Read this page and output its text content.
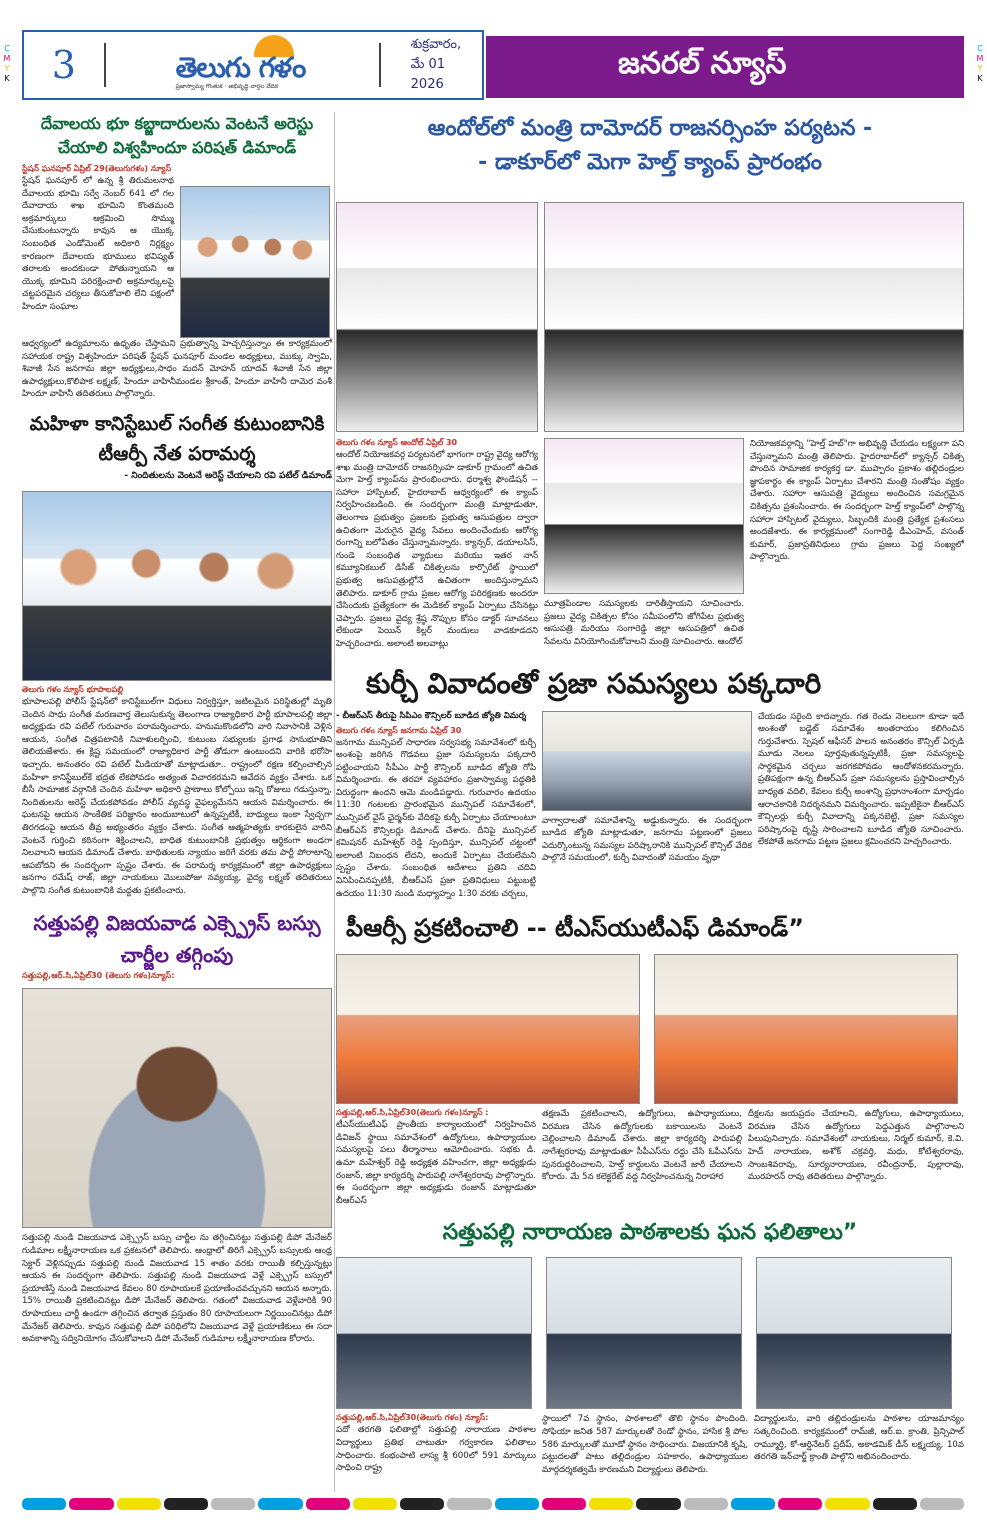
C
M
Y
K
C
M
Y
K
3	తెలుగు గళం
ప్రజాస్వామ్య గొంతుక · అభివృద్ధి వార్తల వేదిక
శుక్రవారం,
మే 01 2026
జనరల్ న్యూస్
దేవాలయ భూ కబ్జాదారులను వెంటనే అరెస్టు చేయాలి విశ్వహిందూ పరిషత్ డిమాండ్
స్టేషన్ ఘనపూర్ ఏప్రిల్ 29(తెలుగుగళం) న్యూస్

స్టేషన్ ఘనపూర్ లో ఉన్న శ్రీ తిరుమలనాథ దేవాలయ భూమి సర్వే నెంబర్ 641 లో గల దేవాదాయ శాఖ భూమిని కొంతమంది అక్రమార్కులు ఆక్రమించి సొమ్ము చేసుకుంటున్నారు కావున ఆ యొక్క సంబంధిత ఎండోమెంట్ అధికారి నిర్లక్ష్యం కారణంగా దేవాలయ భూములు భవిష్యత్ తరాలకు అందకుండా పోతున్నాయని ఆ యొక్క భూమిని పరిరక్షించాలి అక్రమార్కులపై చట్టపరమైన చర్యలు తీసుకోవాలి లేని పక్షంలో హిందూ సంఘాల

ఆధ్వర్యంలో ఉద్యమాలను ఉధృతం చేస్తామని ప్రభుత్వాన్ని హెచ్చరిస్తున్నాం ఈ కార్యక్రమంలో సహాయక రాష్ట్ర విశ్వహిందూ పరిషత్ స్టేషన్ ఘనపూర్ మండల అధ్యక్షులు, ముక్కు స్వామి, శివాజీ సేన జనగామ జిల్లా అధ్యక్షులు,సాధం మదన్ మోహన్ యాదవ్ శివాజీ సేన జిల్లా ఉపాధ్యక్షులు,కొలిపాక లక్ష్మణ్, హిందూ వాహినీమండల శ్రీకాంత్, హిందూ వాహినీ దామెర వంశీ హిందూ వాహినీ తదితరులు పాల్గొన్నారు.

మహిళా కానిస్టేబుల్ సంగీత కుటుంబానికి టీఆర్పీ నేత పరామర్శ
- నిందితులను వెంటనే అరెస్ట్ చేయాలని రవి పటేల్ డిమాండ్
తెలుగు గళం న్యూస్ భూపాలపల్లి

భూపాలపల్లి పోలీస్ స్టేషన్‌లో కానిస్టేబుల్‌గా విధులు నిర్వర్తిస్తూ, జటిలమైన పరిస్థితుల్లో మృతి చెందిన సాధు సంగీత మరణవార్త తెలుసుకున్న తెలంగాణ రాజ్యాధికార పార్టీ భూపాలపల్లి జిల్లా అధ్యక్షుడు రవి పటేల్ గురువారం పరామర్శించారు. హనుమకొండలోని వారి నివాసానికి వెళ్లిన ఆయన, సంగీత చిత్రపటానికి నివాళులర్పించి, కుటుంబ సభ్యులకు ప్రగాఢ సానుభూతిని తెలియజేశారు. ఈ క్లిష్ట సమయంలో రాజ్యాధికార పార్టీ తోడుగా ఉంటుందని వారికి భరోసా ఇచ్చారు. అనంతరం రవి పటేల్ మీడియాతో మాట్లాడుతూ.. రాష్ట్రంలో రక్షణ కల్పించాల్సిన మహిళా కానిస్టేబుల్‌కే భద్రత లేకపోవడం అత్యంత విచారకరమని ఆవేదన వ్యక్తం చేశారు. ఒక బీసీ సామాజిక వర్గానికి చెందిన మహిళా అధికారి ప్రాణాలు కోల్పోయి ఇన్ని రోజులు గడుస్తున్నా, నిందితులను అరెస్ట్ చేయకపోవడం పోలీస్ వ్యవస్థ వైఫల్యమేనని ఆయన విమర్శించారు. ఈ ఘటనపై ఆయన సాంకేతిక పరిజ్ఞానం అందుబాటులో ఉన్నప్పటికీ, బాధ్యులు ఇంకా స్వేచ్ఛగా తిరగడంపై ఆయన తీవ్ర అభ్యంతరం వ్యక్తం చేశారు. సంగీత ఆత్మహత్యకు కారకులైన వారిని వెంటనే గుర్తించి కఠినంగా శిక్షించాలని, బాధిత కుటుంబానికి ప్రభుత్వం ఆర్థికంగా అండగా నిలవాలని ఆయన డిమాండ్ చేశారు. బాధితులకు న్యాయం జరిగే వరకు తమ పార్టీ పోరాటాన్ని ఆపబోదని ఈ సందర్భంగా స్పష్టం చేశారు. ఈ పరామర్శ కార్యక్రమంలో జిల్లా ఉపాధ్యక్షులు జనగాం రమేష్ రాజ్, జిల్లా నాయకులు మొలుపోజు నవ్యయ్య, వైద్య లక్ష్మణ్ తదితరులు పాల్గొని సంగీత కుటుంబానికి మద్దతు ప్రకటించారు.

సత్తుపల్లి విజయవాడ ఎక్స్ప్రెస్ బస్సు చార్జీల తగ్గింపు
సత్తుపల్లి,ఆర్.సి,ఏప్రిల్30 (తెలుగు గళం)న్యూస్:

సత్తుపల్లి నుండి విజయవాడ ఎక్స్ప్రెస్ బస్సు చార్జీల ను తగ్గించినట్టు సత్తుపల్లి డిపో మేనేజర్ గుడిమాల లక్ష్మీనారాయణ ఒక ప్రకటనలో తెలిపారు. ఆంధ్రాలో తిరిగే ఎక్స్ప్రెస్ బస్సులకు ఆంధ్ర సెక్టార్ వెళ్లినప్పుడు సత్తుపల్లి నుండి విజయవాడ 15 శాతం వరకు రాయితీ కల్పిస్తున్నట్లు ఆయన ఈ సందర్భంగా తెలిపారు. సత్తుపల్లి నుండి విజయవాడ వెళ్లే ఎక్స్ప్రెస్ బస్సులో ప్రయాణిస్తే నుండి విజయవాడ కేవలం 80 రూపాయలకే ప్రయాణించవచ్చునని ఆయన అన్నారు. 15% రాయితీ ప్రకటించినట్లు డిపో మేనేజర్ తెలిపారు. గతంలో విజయవాడ వెళ్లేవారికి 90 రూపాయలు చార్జీ ఉండగా తగ్గించిన తర్వాత ప్రస్తుతం 80 రూపాయలుగా నిర్ణయించినట్లు డిపో మేనేజర్ తెలిపారు. కావున సత్తుపల్లి డిపో పరిధిలోని విజయవాడ వెళ్లే ప్రయాణికులు ఈ సదా అవకాశాన్ని సద్వినియోగం చేసుకోవాలని డిపో మేనేజర్ గుడిమాల లక్ష్మీనారాయణ కోరారు.

ఆందోల్‌లో మంత్రి దామోదర్ రాజనర్సింహ పర్యటన -
- డాకూర్‌లో మెగా హెల్త్ క్యాంప్ ప్రారంభం
తెలుగు గళం న్యూస్ ఆందోల్ ఏప్రిల్ 30

ఆందోల్ నియోజకవర్గ పర్యటనలో భాగంగా రాష్ట్ర వైద్య ఆరోగ్య శాఖ మంత్రి దామోదర్ రాజనర్సింహ డాకూర్ గ్రామంలో ఉచిత మెగా హెల్త్ క్యాంప్‌ను ప్రారంభించారు. ధర్మాశ్వ ఫౌండేషన్ -- సహారా హాస్పిటల్, హైదరాబాద్ ఆధ్వర్యంలో ఈ క్యాంప్ నిర్వహించబడింది. ఈ సందర్భంగా మంత్రి మాట్లాడుతూ, తెలంగాణ ప్రభుత్వం ప్రజలకు ప్రభుత్వ ఆసుపత్రుల ద్వారా ఉచితంగా మెరుగైన వైద్య సేవలు అందించేందుకు ఆరోగ్య రంగాన్ని బలోపేతం చేస్తున్నామన్నారు. క్యాన్సర్, డయాలసిస్, గుండె సంబంధిత వ్యాధులు మరియు ఇతర నాన్ కమ్యూనికబుల్ డిసీజ్ చికిత్సలను కార్పొరేట్ స్థాయిలో ప్రభుత్వ ఆసుపత్రుల్లోనే ఉచితంగా అందిస్తున్నామని తెలిపారు. డాకూర్ గ్రామ ప్రజల ఆరోగ్య పరిరక్షణకు అందరూ చేసిందుకు ప్రత్యేకంగా ఈ మెడికల్ క్యాంప్ ఏర్పాటు చేసినట్లు చెప్పారు. ప్రజలు వైద్య శ్రేష్ఠ నొప్పుల కోసం డాక్టర్ సూచనలు లేకుండా పెయిన్ కిల్లర్ మందులు వాడకూడదని హెచ్చరించారు. అలాంటి అలవాట్లు

మూత్రపిండాల సమస్యలకు దారితీస్తాయని సూచించారు. ప్రజలు వైద్య చికిత్సల కోసం సమీపంలోని జోగిపేట ప్రభుత్వ ఆసుపత్రి మరియు సంగారెడ్డి జిల్లా ఆసుపత్రిలో ఉచిత సేవలను వినియోగించుకోవాలని మంత్రి సూచించారు. ఆందోల్

నియోజకవర్గాన్ని "హెల్త్ హబ్"గా అభివృద్ధి చేయడం లక్ష్యంగా పని చేస్తున్నామని మంత్రి తెలిపారు. హైదరాబాద్‌లో క్యాన్సర్ చికిత్స పొందిన సామాజిక కార్యకర్త డా. ముప్పారం ప్రకాశం తల్లిదండ్రుల జ్ఞాపకార్థం ఈ క్యాంప్ ఏర్పాటు చేశారని మంత్రి సంతోషం వ్యక్తం చేశారు. సహారా ఆసుపత్రి వైద్యులు అందించిన సమగ్రమైన చికిత్సను ప్రశంసించారు. ఈ సందర్భంగా హెల్త్ క్యాంప్‌లో పాల్గొన్న సహారా హాస్పిటల్ వైద్యులు, సిబ్బందికి మంత్రి ప్రత్యేక ప్రశంసలు అందజేశారు. ఈ కార్యక్రమంలో సంగారెడ్డి డీఎంహెచ్, వసంత్ కుమార్, ప్రజాప్రతినిధులు గ్రామ ప్రజలు పెద్ద సంఖ్యలో పాల్గొన్నారు.

కుర్చీ వివాదంతో ప్రజా సమస్యలు పక్కదారి
- బీఆర్ఎస్ తీరుపై సిపిఎం కౌన్సిలర్ బూడిద జ్యోతి విమర్శ
తెలుగు గళం న్యూస్ జనగామ ఏప్రిల్ 30

జనగామ మున్సిపల్ సాధారణ సర్వసభ్య సమావేశంలో కుర్చీ అంశంపై జరిగిన గొడవలు ప్రజా సమస్యలను పక్కదారి పట్టించాయని సీపీఎం పార్టీ కౌన్సిలర్ బూడిద జ్యోతి గోపి విమర్శించారు. ఈ తరహా వ్యవహారం ప్రజాస్వామ్య పద్ధతికి విరుద్ధంగా ఉందని ఆమె మండిపడ్డారు. గురువారం ఉదయం 11:30 గంటలకు ప్రారంభమైన మున్సిపల్ సమావేశంలో, మున్సిపల్ వైస్ ఛైర్మన్‌కు వేదికపై కుర్చీ ఏర్పాటు చేయాలంటూ బీఆర్ఎస్ కౌన్సిలర్లు డిమాండ్ చేశారు. దీనిపై మున్సిపల్ కమిషనర్ మహేశ్వర్ రెడ్డి స్పందిస్తూ, మున్సిపల్ చట్టంలో అలాంటి నిబంధన లేదని, అందుకే ఏర్పాటు చేయలేమని స్పష్టం చేశారు. సంబంధిత ఆదేశాలు ప్రతిని చదివి వినిపించినప్పటికీ, బీఆర్ఎస్ ప్రజా ప్రతినిధులు పట్టుబట్టి ఉదయం 11:30 నుండి మధ్యాహ్నం 1:30 వరకు చర్చలు,

వాగ్వాదాలతో సమావేశాన్ని అడ్డుకున్నారు. ఈ సందర్భంగా బూడిద జ్యోతి మాట్లాడుతూ, జనగామ పట్టణంలో ప్రజలు ఎదుర్కొంటున్న సమస్యల పరిష్కారానికి మున్సిపల్ కౌన్సిల్ వేదిక పాల్గొనే సమయంలో, కుర్చీ వివాదంతో సమయం వృథా

చేయడం సరైంది కాదన్నారు. గత రెండు నెలలుగా కూడా ఇదే అంశంతో బడ్జెట్ సమావేశం అంతరాయం కలిగించిన గుర్తుచేశారు. స్పెషల్ ఆఫీసర్ పాలన అనంతరం కౌన్సిల్ ఏర్పడి మూడు నెలలు పూర్తవుతున్నప్పటికీ, ప్రజా సమస్యలపై సార్థకమైన చర్చలు జరగకపోవడం ఆందోళనకరమన్నారు. ప్రతిపక్షంగా ఉన్న బీఆర్ఎస్ ప్రజా సమస్యలను ప్రస్తావించాల్సిన బాధ్యత వదిలి, కేవలం కుర్చీ అంశాన్ని ప్రధానాంశంగా మార్చడం ఆరాచకానికి నిదర్శనమని విమర్శించారు. ఇప్పటికైనా బీఆర్ఎస్ కౌన్సిలర్లు కుర్చీ వివాదాన్ని పక్కనబెట్టి, ప్రజా సమస్యల పరిష్కారంపై దృష్టి సారించాలని బూడిద జ్యోతి సూచించారు. లేకపోతే జనగామ పట్టణ ప్రజలు క్షమించరని హెచ్చరించారు.

పీఆర్సీ ప్రకటించాలి -- టీఎస్‌యుటీఎఫ్ డిమాండ్”
సత్తుపల్లి,ఆర్.సి,ఏప్రిల్30(తెలుగు గళం)న్యూస్ :

టీఎస్‌యుటీఎఫ్ ప్రాంతీయ కార్యాలయంలో నిర్వహించిన డివిజన్ స్థాయి సమావేశంలో ఉద్యోగులు, ఉపాధ్యాయుల సమస్యలపై పలు తీర్మానాలు ఆమోదించారు. సభకు డి. ఉమా మహేశ్వర్ రెడ్డి అధ్యక్షత వహించగా, జిల్లా అధ్యక్షుడు రంజాన్, జిల్లా కార్యదర్శి పారుపల్లి నాగేశ్వరరావు పాల్గొన్నారు. ఈ సందర్భంగా జిల్లా అధ్యక్షుడు రంజాన్ మాట్లాడుతూ బీఆర్ఎస్

తక్షణమే ప్రకటించాలని, ఉద్యోగులు, ఉపాధ్యాయులు, విరమణ చేసిన ఉద్యోగులకు బకాయిలను వెంటనే చెల్లించాలని డిమాండ్ చేశారు. జిల్లా కార్యదర్శి పారుపల్లి నాగేశ్వరరావు మాట్లాడుతూ సీపీఎస్‌ను రద్దు చేసి ఓపీఎస్‌ను పునరుద్ధరించాలని, హెల్త్ కార్డులను వెంటనే జారీ చేయాలని కోరారు. మే 5న కలెక్టరేట్ వద్ద నిర్వహించనున్న నిరాహార

దీక్షలను జయప్రదం చేయాలని, ఉద్యోగులు, ఉపాధ్యాయులు, విరమణ చేసిన ఉద్యోగులు పెద్దఎత్తున పాల్గొనాలని పిలుపునిచ్చారు. సమావేశంలో నాయకులు, నిర్మల్ కుమార్, కె.వి. హెచ్ నారాయణ, అశోక్ చక్రవర్తి, మధు, కోటేశ్వరరావు, సాంబశివరావు, సూర్యనారాయణ, రవీంద్రనాథ్, పుల్లారావు, మురహరన్ రావు తదితరులు పాల్గొన్నారు.

సత్తుపల్లి నారాయణ పాఠశాలకు ఘన ఫలితాలు”
సత్తుపల్లి,ఆర్.సి,ఏప్రిల్30(తెలుగు గళం) న్యూస్:

పదో తరగతి ఫలితాల్లో సత్తుపల్లి నారాయణ పాఠశాల విద్యార్థులు ప్రతిభ చాటుతూ గర్వకారణ ఫలితాలు సాధించారు. కంభంపాటి లాస్య శ్రీ 600లో 591 మార్కులు సాధించి రాష్ట్ర

స్థాయిలో 7వ స్థానం, పాఠశాలలో తొలి స్థానం పొందింది. సోఫియా జనిత 587 మార్కులతో రెండో స్థానం, హాసిక శ్రీ పోల 586 మార్కులతో మూడో స్థానం సాధించారు. విజయానికి కృషి, పట్టుదలతో పాటు తల్లిదండ్రుల సహకారం, ఉపాధ్యాయుల మార్గదర్శకత్వమే కారణమని విద్యార్థులు తెలిపారు.

విద్యార్థులను, వారి తల్లిదండ్రులను పాఠశాల యాజమాన్యం సత్కరించింది. కార్యక్రమంలో రామ్‌జీ, ఆర్.ఐ. క్రాంతి, ప్రిన్సిపాల్ రామ్మూర్తి, కో-ఆర్డినేటర్ ప్రదీప్, అకాడమిక్ డీన్ లక్ష్మయ్య, 10వ తరగతి ఇన్‌చార్జ్ క్రాంతి పాల్గొని అభినందించారు.
